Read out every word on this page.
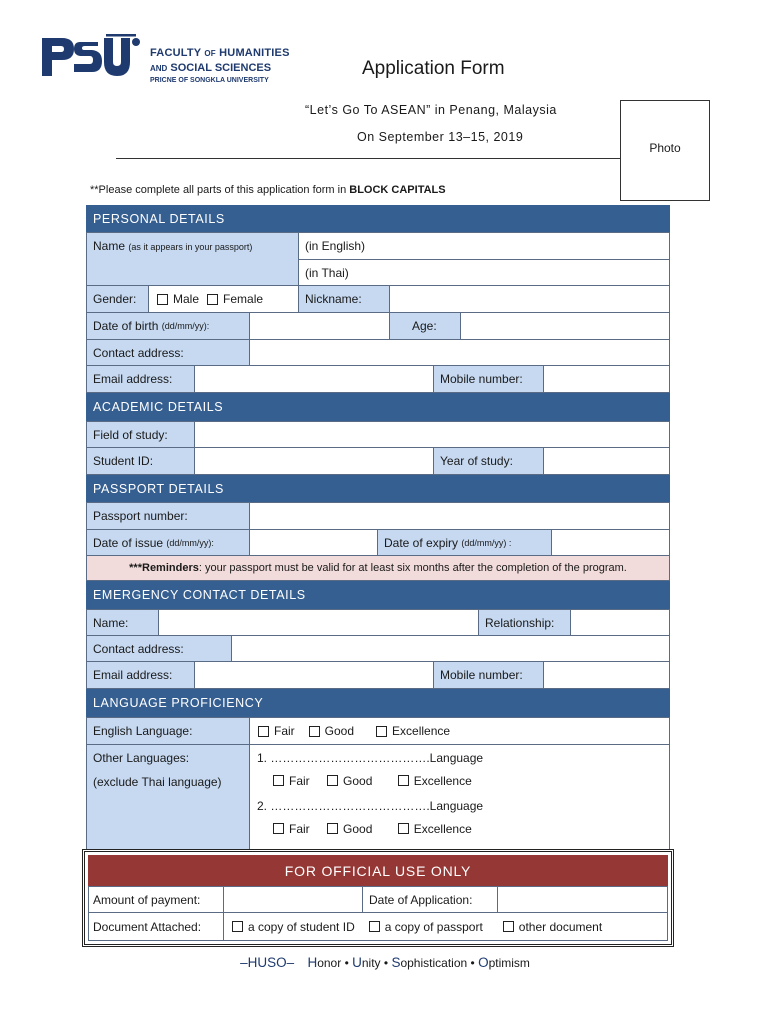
FACULTY OF HUMANITIES
AND SOCIAL SCIENCES
PRICNE OF SONGKLA UNIVERSITY
Application Form
“Let’s Go To ASEAN” in Penang, Malaysia
On September 13–15, 2019
Photo
**Please complete all parts of this application form in BLOCK CAPITALS
PERSONAL DETAILS
Name
(as it appears in your passport)	(in English)
(in Thai)
Gender:	Male Female	Nickname:
Date of birth
(dd/mm/yy):	Age:
Contact address:
Email address:	Mobile number:
ACADEMIC DETAILS
Field of study:
Student ID:	Year of study:
PASSPORT DETAILS
Passport number:
Date of issue
(dd/mm/yy):	Date of expiry
(dd/mm/yy) :
***Reminders : your passport must be valid for at least six months after the completion of the program.
EMERGENCY CONTACT DETAILS
Name:	Relationship:
Contact address:
Email address:	Mobile number:
LANGUAGE PROFICIENCY
English Language:	Fair	Good	Excellence
Other Languages:
(exclude Thai language)
1. ………………………………….Language
Fair	Good	Excellence
2. ………………………………….Language
Fair	Good	Excellence
FOR OFFICIAL USE ONLY
Amount of payment:	Date of Application:
Document Attached:	a copy of student ID	a copy of passport	other document
–HUSO– Honor • Unity • Sophistication • Optimism
